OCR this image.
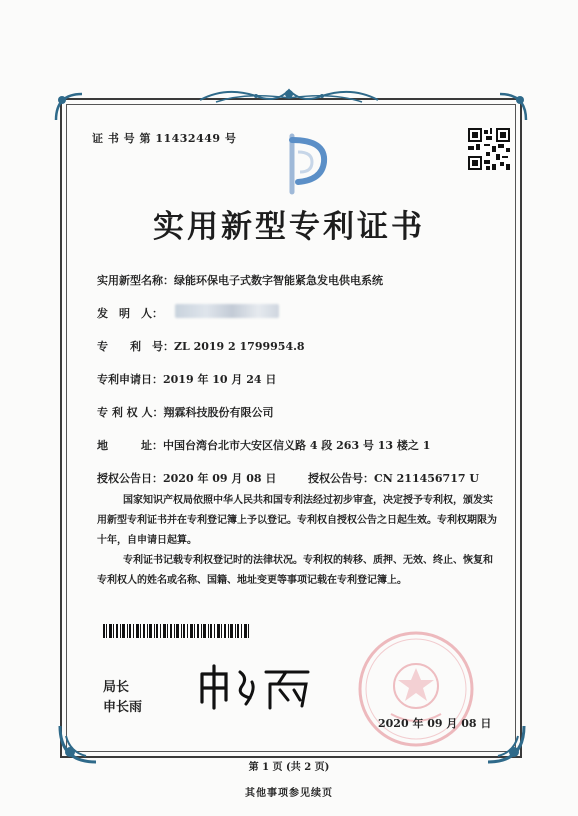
证 书 号 第 11432449 号
实用新型专利证书
实用新型名称：绿能环保电子式数字智能紧急发电供电系统
发　明　人：
专　　利　号：ZL 2019 2 1799954.8
专利申请日：2019 年 10 月 24 日
专 利 权 人：翔霖科技股份有限公司
地　　　址：中国台湾台北市大安区信义路 4 段 263 号 13 楼之 1
授权公告日：2020 年 09 月 08 日	授权公告号：CN 211456717 U
国家知识产权局依照中华人民共和国专利法经过初步审查，决定授予专利权，颁发实用新型专利证书并在专利登记簿上予以登记。专利权自授权公告之日起生效。专利权期限为十年，自申请日起算。
专利证书记载专利权登记时的法律状况。专利权的转移、质押、无效、终止、恢复和专利权人的姓名或名称、国籍、地址变更等事项记载在专利登记簿上。
局长
申长雨
2020 年 09 月 08 日
第 1 页 (共 2 页)
其他事项参见续页
